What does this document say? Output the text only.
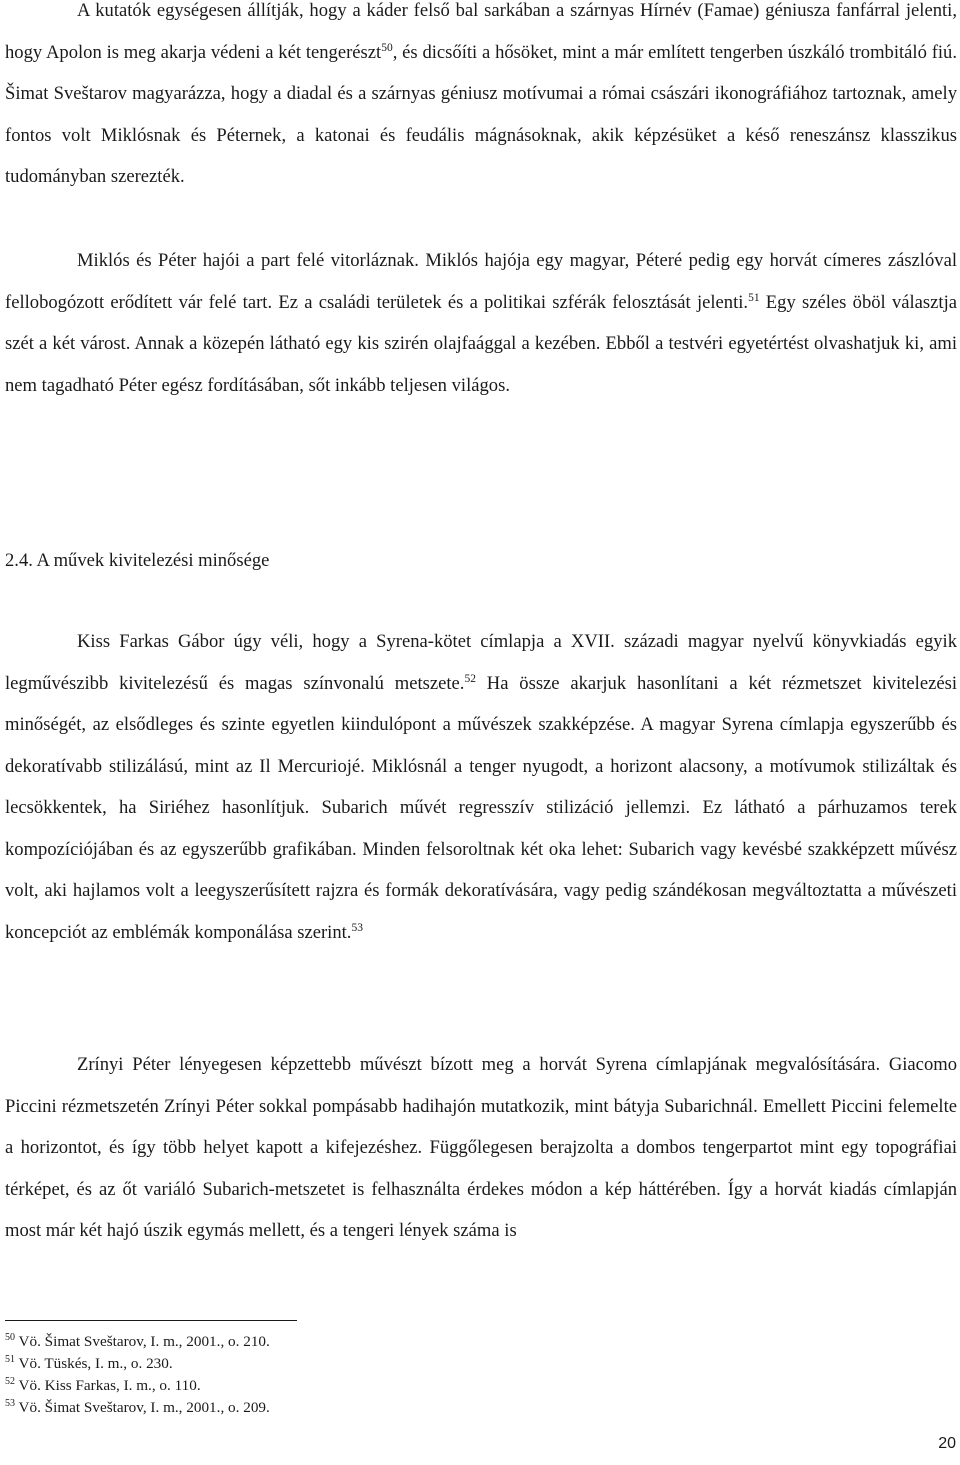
A kutatók egységesen állítják, hogy a káder felső bal sarkában a szárnyas Hírnév (Famae) géniusza fanfárral jelenti, hogy Apolon is meg akarja védeni a két tengerészt$^{50}$, és dicsőíti a hősöket, mint a már említett tengerben úszkáló trombitáló fiú. Šimat Sveštarov magyarázza, hogy a diadal és a szárnyas géniusz motívumai a római császári ikonográfiához tartoznak, amely fontos volt Miklósnak és Péternek, a katonai és feudális mágnásoknak, akik képzésüket a késő reneszánsz klasszikus tudományban szerezték.

Miklós és Péter hajói a part felé vitorláznak. Miklós hajója egy magyar, Péteré pedig egy horvát címeres zászlóval fellobogózott erődített vár felé tart. Ez a családi területek és a politikai szférák felosztását jelenti.$^{51}$ Egy széles öböl választja szét a két várost. Annak a közepén látható egy kis szirén olajfaággal a kezében. Ebből a testvéri egyetértést olvashatjuk ki, ami nem tagadható Péter egész fordításában, sőt inkább teljesen világos.

2.4. A művek kivitelezési minősége

Kiss Farkas Gábor úgy véli, hogy a Syrena-kötet címlapja a XVII. századi magyar nyelvű könyvkiadás egyik legművészibb kivitelezésű és magas színvonalú metszete.$^{52}$ Ha össze akarjuk hasonlítani a két rézmetszet kivitelezési minőségét, az elsődleges és szinte egyetlen kiindulópont a művészek szakképzése. A magyar Syrena címlapja egyszerűbb és dekoratívabb stilizálású, mint az Il Mercuriojé. Miklósnál a tenger nyugodt, a horizont alacsony, a motívumok stilizáltak és lecsökkentek, ha Siriéhez hasonlítjuk. Subarich művét regresszív stilizáció jellemzi. Ez látható a párhuzamos terek kompozíciójában és az egyszerűbb grafikában. Minden felsoroltnak két oka lehet: Subarich vagy kevésbé szakképzett művész volt, aki hajlamos volt a leegyszerűsített rajzra és formák dekoratívására, vagy pedig szándékosan megváltoztatta a művészeti koncepciót az emblémák komponálása szerint.$^{53}$

Zrínyi Péter lényegesen képzettebb művészt bízott meg a horvát Syrena címlapjának megvalósítására. Giacomo Piccini rézmetszetén Zrínyi Péter sokkal pompásabb hadihajón mutatkozik, mint bátyja Subarichnál. Emellett Piccini felemelte a horizontot, és így több helyet kapott a kifejezéshez. Függőlegesen berajzolta a dombos tengerpartot mint egy topográfiai térképet, és az őt variáló Subarich-metszetet is felhasználta érdekes módon a kép háttérében. Így a horvát kiadás címlapján most már két hajó úszik egymás mellett, és a tengeri lények száma is

$^{50}$ Vö. Šimat Sveštarov, I. m., 2001., o. 210.

$^{51}$ Vö. Tüskés, I. m., o. 230.

$^{52}$ Vö. Kiss Farkas, I. m., o. 110.

$^{53}$ Vö. Šimat Sveštarov, I. m., 2001., o. 209.

20
